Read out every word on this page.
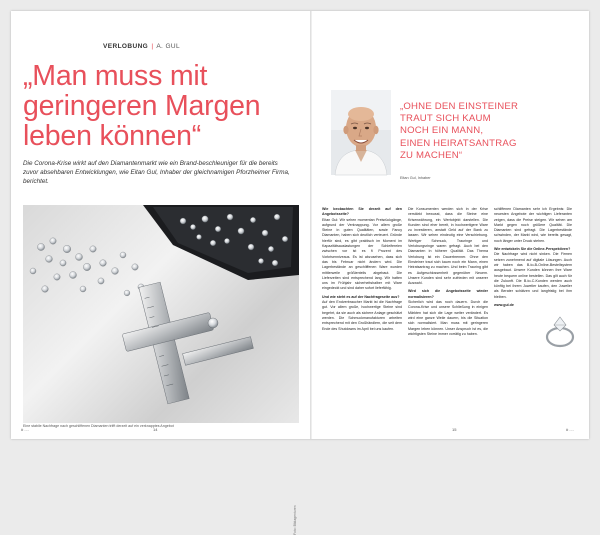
VERLOBUNG | A. GUL
„Man muss mit
geringeren Margen
leben können“

Die Corona-Krise wirkt auf den Diamantenmarkt wie ein Brand-beschleuniger für die bereits zuvor absehbaren Entwicklungen, wie Eitan Gul, Inhaber der gleichnamigen Pforzheimer Firma, berichtet.

Foto: Bildagenturen
Eine stabile Nachfrage nach geschliffenen Diamanten trifft derzeit auf ein verknapptes Angebot
# ....	14
„OHNE DEN EINSTEINER
TRAUT SICH KAUM
NOCH EIN MANN,
EINEN HEIRATSANTRAG
ZU MACHEN“
Eitan Gul, Inhaber

Wie beobachten Sie derzeit auf den Angebotsseite?
Eitan Gul: Wir sehen momentan Preisrückgänge, aufgrund der Verknappung. Vor allem große Steine in guten Qualitäten, sowie Fancy Diamanten, haben sich deutlich verteuert. Gründe hierfür sind, es gibt praktisch im Moment im Kapazitätsauslastungen der Schleifereien zwischen vor ist es fi Prozent des Vorkrisenniveaus. Es ist abzusehen, dass sich das bis Februar nicht ändern wird. Die Lagerbestände an geschliffenen Ware wurden mittlerweile größtenteils abgebaut. Die Lieferzeiten sind entsprechend lang. Wir hatten uns im Frühjahr sicherheitshalber mit Ware eingedeckt und sind daher sofort lieferfähig.

Und wie steht es auf der Nachfrageseite aus?
Auf den Endverbraucher Markt ist die Nachfrage gut. Vor allem große, hochwertige Steine sind begehrt, da sie auch als sichere Anlage geschätzt werden. Die Schmuckmanufakturen arbeiten entsprechend mit den Großhändlern, die seit dem Ende des Shutdowns im April bei uns kaufen.

Die Konsumenten werden sich in der Krise verstärkt bewusst, dass die Steine eine Krisenwährung, ein Wertobjekt darstellen. Die Kunden sind eher bereit, in hochwertigere Ware zu investieren, anstatt Geld auf der Bank zu lassen. Wir sehen eindeutig eine Verschiebung. Wertiger Schmuck, Trauringe und Verlobungsringe waren gefragt. Auch bei den Diamanten in höherer Qualität. Das Thema Verlobung ist ein Dauerbrenner. Ohne den Einsteiner traut sich kaum noch ein Mann, einen Heiratsantrag zu machen. Und beim Trauring gibt es Aufgeschlossenheit gegenüber Neuem. Unsere Kunden sind sehr zufrieden mit unserer Auswahl.

Wird sich die Angebotsseite wieder normalisieren?
Sicherlich wird das noch dauern. Durch die Corona-Krise und unsere Schließung in einigen Märkten hat sich die Lage weiter verändert. Es wird eine ganze Weile dauern, bis die Situation sich normalisiert. Man muss mit geringeren Margen leben können. Unser Anspruch ist es, die wichtigsten Steine immer vorrätig zu haben.

schliffenen Diamanten sehr ich Ergebnis: Die neuesten Angebote der wichtigen Lieferanten zeigen, dass die Preise steigen. Wir sehen am Markt gegen noch größere Qualität. Die Diamanten sind gefragt. Die Lagerbestände schwinden, der Markt wird, wie bereits gesagt, noch länger unter Druck stehen.

Wie entwickeln Sie die Online-Perspektiven?
Die Nachfrage wird nicht sinken. Die Firmen setzen zunehmend auf digitale Lösungen. Auch wir haben das B-to-B-Online-Bestellsystem ausgebaut. Unsere Kunden können ihre Ware heute bequem online bestellen. Das gilt auch für die Zukunft. Die B-to-C-Kunden werden auch künftig bei ihrem Juwelier kaufen, den Juwelier als Berater schätzen und langfristig bei ihm bleiben.

www.gul.de

15	# ....
